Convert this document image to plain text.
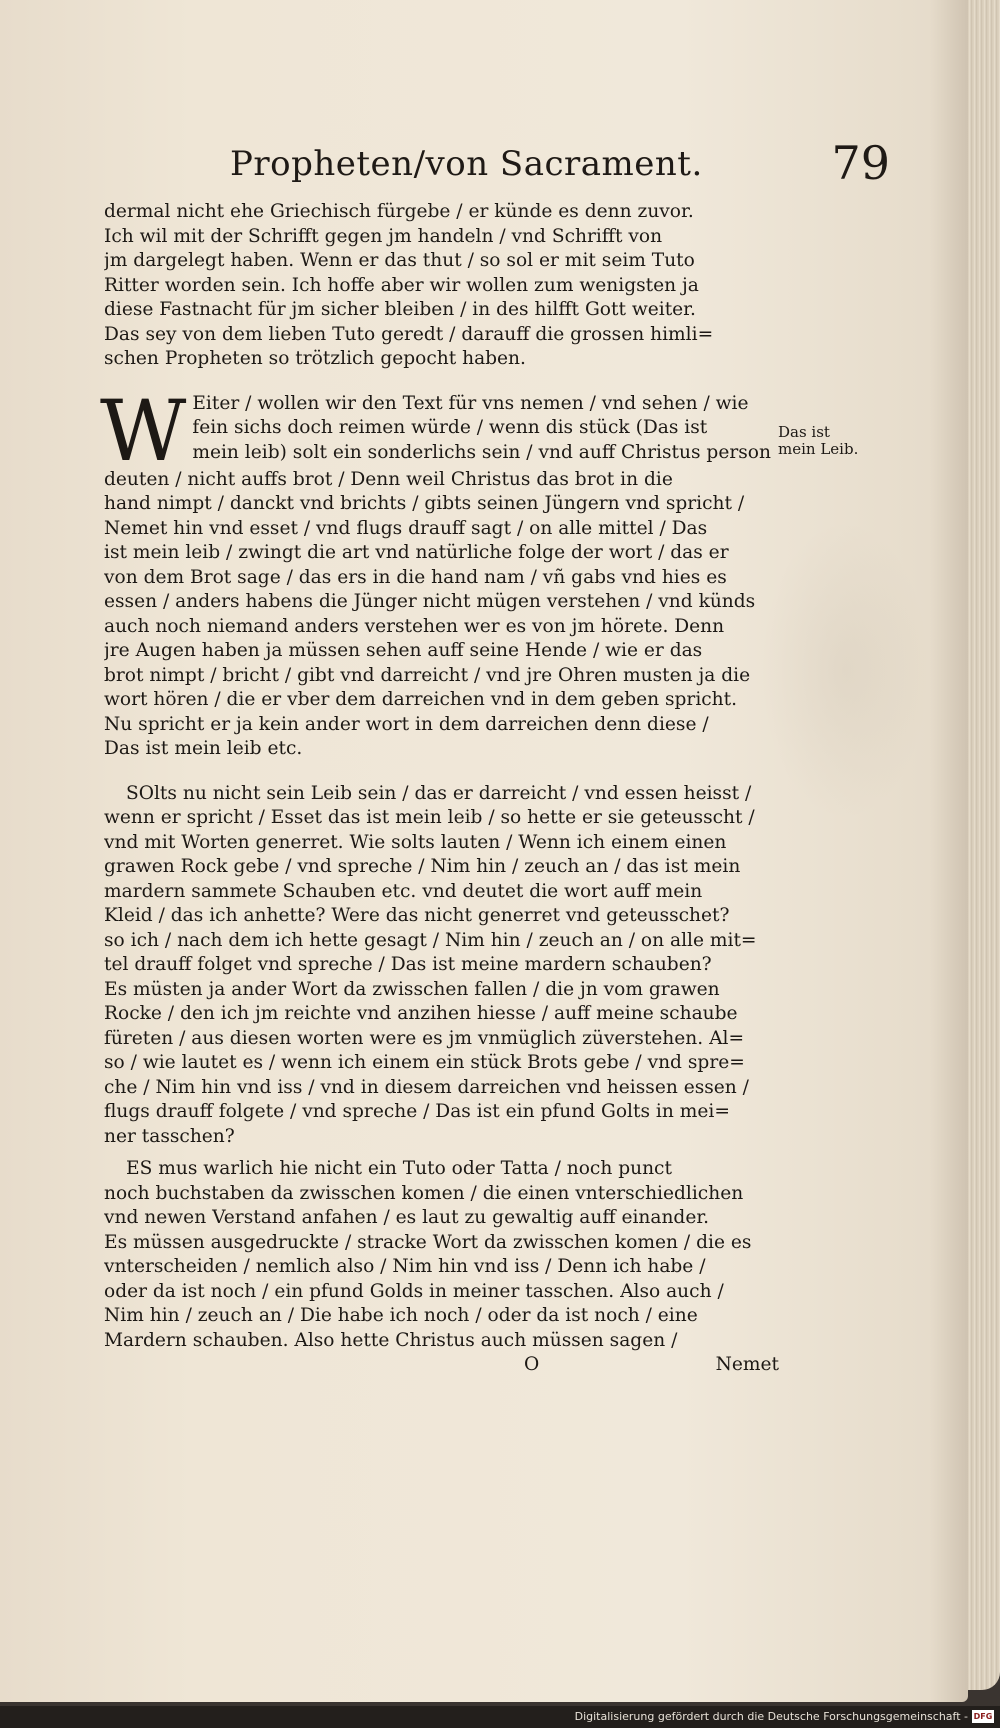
Propheten/von Sacrament.	79
Das ist mein Leib.
dermal nicht ehe Griechisch fürgebe / er künde es denn zuvor.
Ich wil mit der Schrifft gegen jm handeln / vnd Schrifft von
jm dargelegt haben. Wenn er das thut / so sol er mit seim Tuto
Ritter worden sein. Ich hoffe aber wir wollen zum wenigsten ja
diese Fastnacht für jm sicher bleiben / in des hilfft Gott weiter.
Das sey von dem lieben Tuto geredt / darauff die grossen himli=
schen Propheten so trötzlich gepocht haben.
W Eiter / wollen wir den Text für vns nemen / vnd sehen / wie
fein sichs doch reimen würde / wenn dis stück (Das ist
mein leib) solt ein sonderlichs sein / vnd auff Christus person
deuten / nicht auffs brot / Denn weil Christus das brot in die
hand nimpt / danckt vnd brichts / gibts seinen Jüngern vnd spricht /
Nemet hin vnd esset / vnd flugs drauff sagt / on alle mittel / Das
ist mein leib / zwingt die art vnd natürliche folge der wort / das er
von dem Brot sage / das ers in die hand nam / vñ gabs vnd hies es
essen / anders habens die Jünger nicht mügen verstehen / vnd künds
auch noch niemand anders verstehen wer es von jm hörete. Denn
jre Augen haben ja müssen sehen auff seine Hende / wie er das
brot nimpt / bricht / gibt vnd darreicht / vnd jre Ohren musten ja die
wort hören / die er vber dem darreichen vnd in dem geben spricht.
Nu spricht er ja kein ander wort in dem darreichen denn diese /
Das ist mein leib etc.
SOlts nu nicht sein Leib sein / das er darreicht / vnd essen heisst /
wenn er spricht / Esset das ist mein leib / so hette er sie geteusscht /
vnd mit Worten generret. Wie solts lauten / Wenn ich einem einen
grawen Rock gebe / vnd spreche / Nim hin / zeuch an / das ist mein
mardern sammete Schauben etc. vnd deutet die wort auff mein
Kleid / das ich anhette? Were das nicht generret vnd geteusschet?
so ich / nach dem ich hette gesagt / Nim hin / zeuch an / on alle mit=
tel drauff folget vnd spreche / Das ist meine mardern schauben?
Es müsten ja ander Wort da zwisschen fallen / die jn vom grawen
Rocke / den ich jm reichte vnd anzihen hiesse / auff meine schaube
füreten / aus diesen worten were es jm vnmüglich züverstehen. Al=
so / wie lautet es / wenn ich einem ein stück Brots gebe / vnd spre=
che / Nim hin vnd iss / vnd in diesem darreichen vnd heissen essen /
flugs drauff folgete / vnd spreche / Das ist ein pfund Golts in mei=
ner tasschen?
ES mus warlich hie nicht ein Tuto oder Tatta / noch punct
noch buchstaben da zwisschen komen / die einen vnterschiedlichen
vnd newen Verstand anfahen / es laut zu gewaltig auff einander.
Es müssen ausgedruckte / stracke Wort da zwisschen komen / die es
vnterscheiden / nemlich also / Nim hin vnd iss / Denn ich habe /
oder da ist noch / ein pfund Golds in meiner tasschen. Also auch /
Nim hin / zeuch an / Die habe ich noch / oder da ist noch / eine
Mardern schauben. Also hette Christus auch müssen sagen /
O	Nemet
Digitalisierung gefördert durch die Deutsche Forschungsgemeinschaft - DFG
